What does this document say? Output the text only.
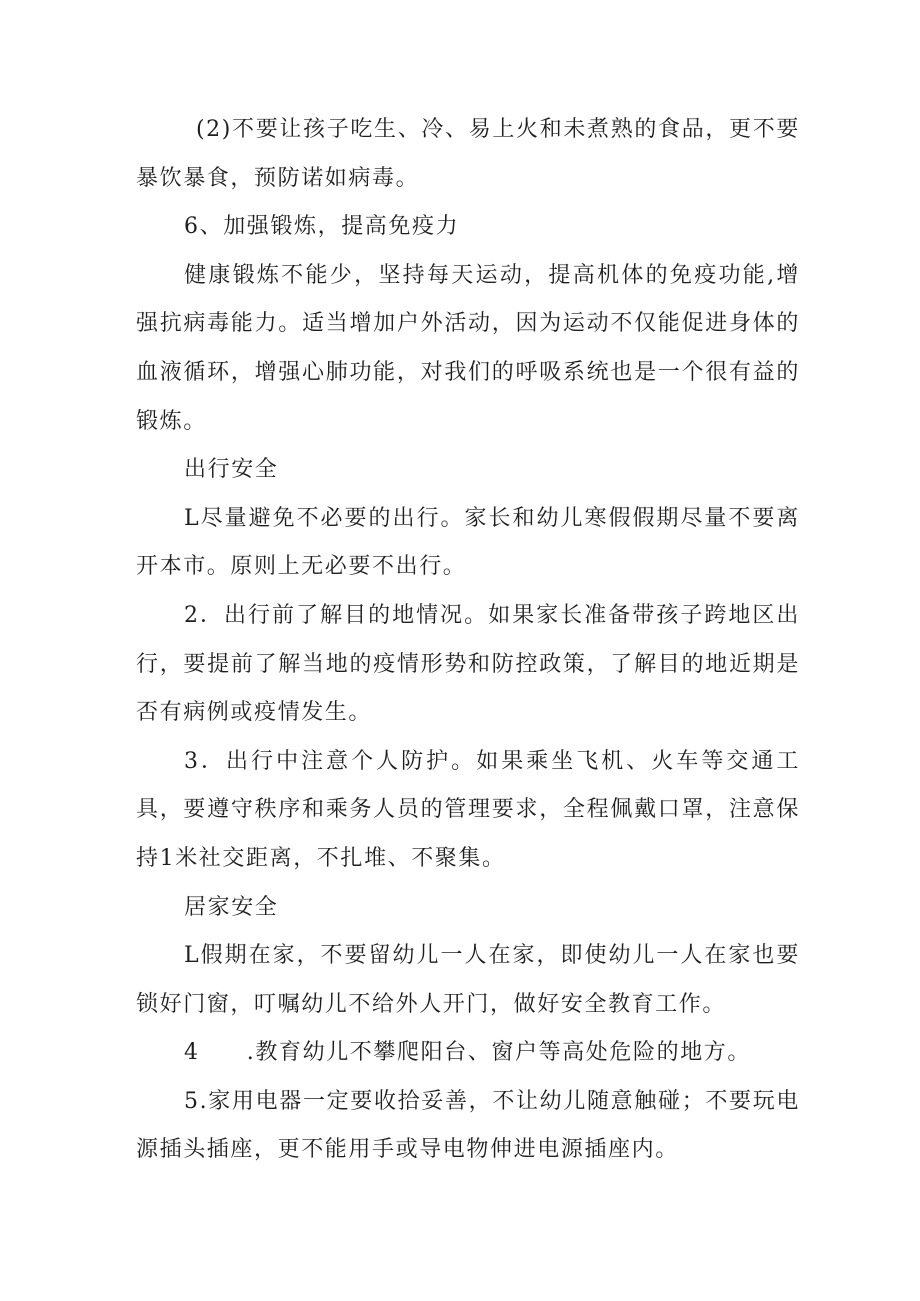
(2)不要让孩子吃生、冷、易上火和未煮熟的食品，更不要暴饮暴食，预防诺如病毒。

6、加强锻炼，提高免疫力

健康锻炼不能少，坚持每天运动，提高机体的免疫功能,增强抗病毒能力。适当增加户外活动，因为运动不仅能促进身体的血液循环，增强心肺功能，对我们的呼吸系统也是一个很有益的锻炼。

出行安全

L尽量避免不必要的出行。家长和幼儿寒假假期尽量不要离开本市。原则上无必要不出行。

2．出行前了解目的地情况。如果家长准备带孩子跨地区出行，要提前了解当地的疫情形势和防控政策，了解目的地近期是否有病例或疫情发生。

3．出行中注意个人防护。如果乘坐飞机、火车等交通工具，要遵守秩序和乘务人员的管理要求，全程佩戴口罩，注意保持1米社交距离，不扎堆、不聚集。

居家安全

L假期在家，不要留幼儿一人在家，即使幼儿一人在家也要锁好门窗，叮嘱幼儿不给外人开门，做好安全教育工作。

4　　.教育幼儿不攀爬阳台、窗户等高处危险的地方。

5.家用电器一定要收拾妥善，不让幼儿随意触碰；不要玩电源插头插座，更不能用手或导电物伸进电源插座内。
